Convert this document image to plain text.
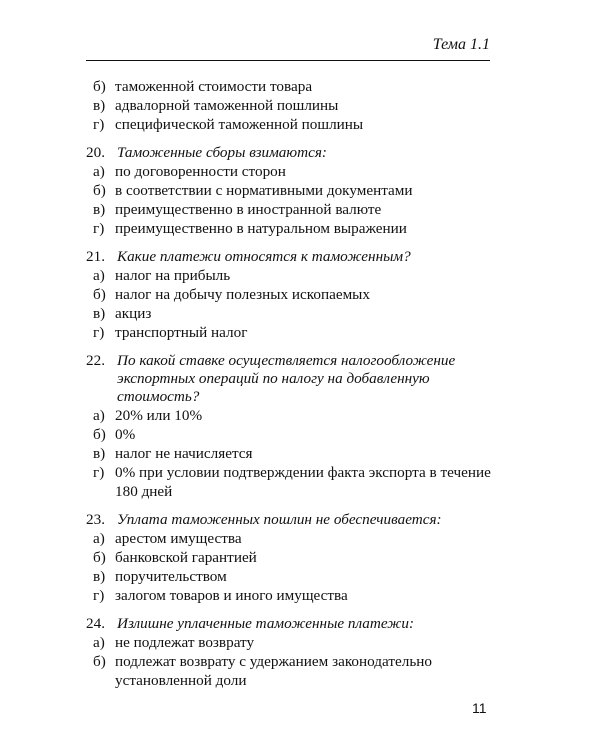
Тема 1.1
б) таможенной стоимости товара
в) адвалорной таможенной пошлины
г) специфической таможенной пошлины
20. Таможенные сборы взимаются:
а) по договоренности сторон
б) в соответствии с нормативными документами
в) преимущественно в иностранной валюте
г) преимущественно в натуральном выражении
21. Какие платежи относятся к таможенным?
а) налог на прибыль
б) налог на добычу полезных ископаемых
в) акциз
г) транспортный налог
22. По какой ставке осуществляется налогообложение экспортных операций по налогу на добавленную стоимость?
а) 20% или 10%
б) 0%
в) налог не начисляется
г) 0% при условии подтверждении факта экспорта в течение 180 дней
23. Уплата таможенных пошлин не обеспечивается:
а) арестом имущества
б) банковской гарантией
в) поручительством
г) залогом товаров и иного имущества
24. Излишне уплаченные таможенные платежи:
а) не подлежат возврату
б) подлежат возврату с удержанием законодательно установленной доли
11
